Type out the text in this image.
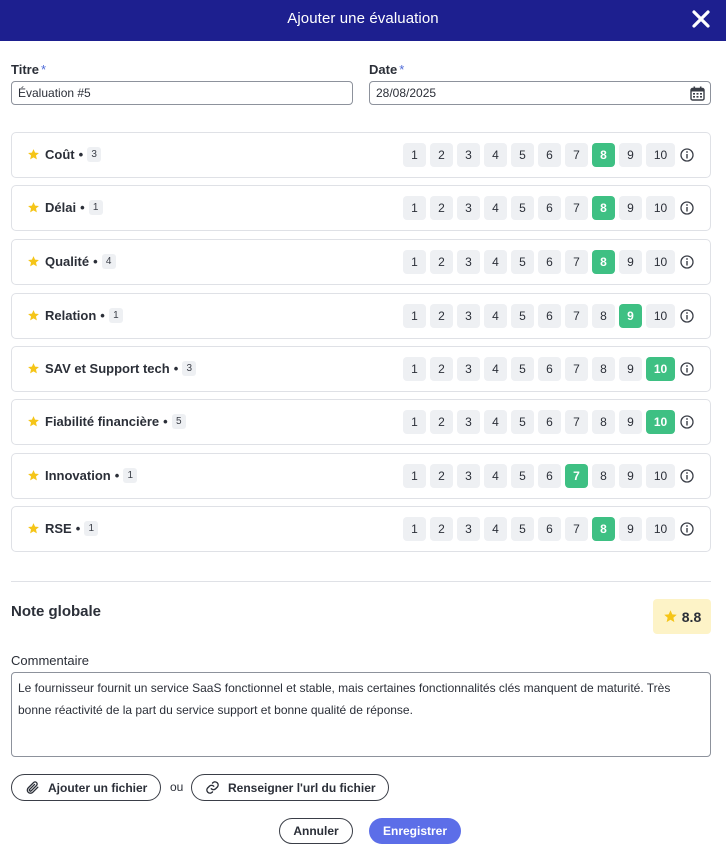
Ajouter une évaluation
Titre *
Évaluation #5
Date *
28/08/2025
Coût • 3	1	2	3	4	5	6	7	8	9	10
Délai • 1	1	2	3	4	5	6	7	8	9	10
Qualité • 4	1	2	3	4	5	6	7	8	9	10
Relation • 1	1	2	3	4	5	6	7	8	9	10
SAV et Support tech • 3	1	2	3	4	5	6	7	8	9	10
Fiabilité financière • 5	1	2	3	4	5	6	7	8	9	10
Innovation • 1	1	2	3	4	5	6	7	8	9	10
RSE • 1	1	2	3	4	5	6	7	8	9	10
Note globale	8.8
Commentaire
Le fournisseur fournit un service SaaS fonctionnel et stable, mais certaines fonctionnalités clés manquent de maturité. Très bonne réactivité de la part du service support et bonne qualité de réponse.
Ajouter un fichier ou	Renseigner l'url du fichier
Annuler	Enregistrer
